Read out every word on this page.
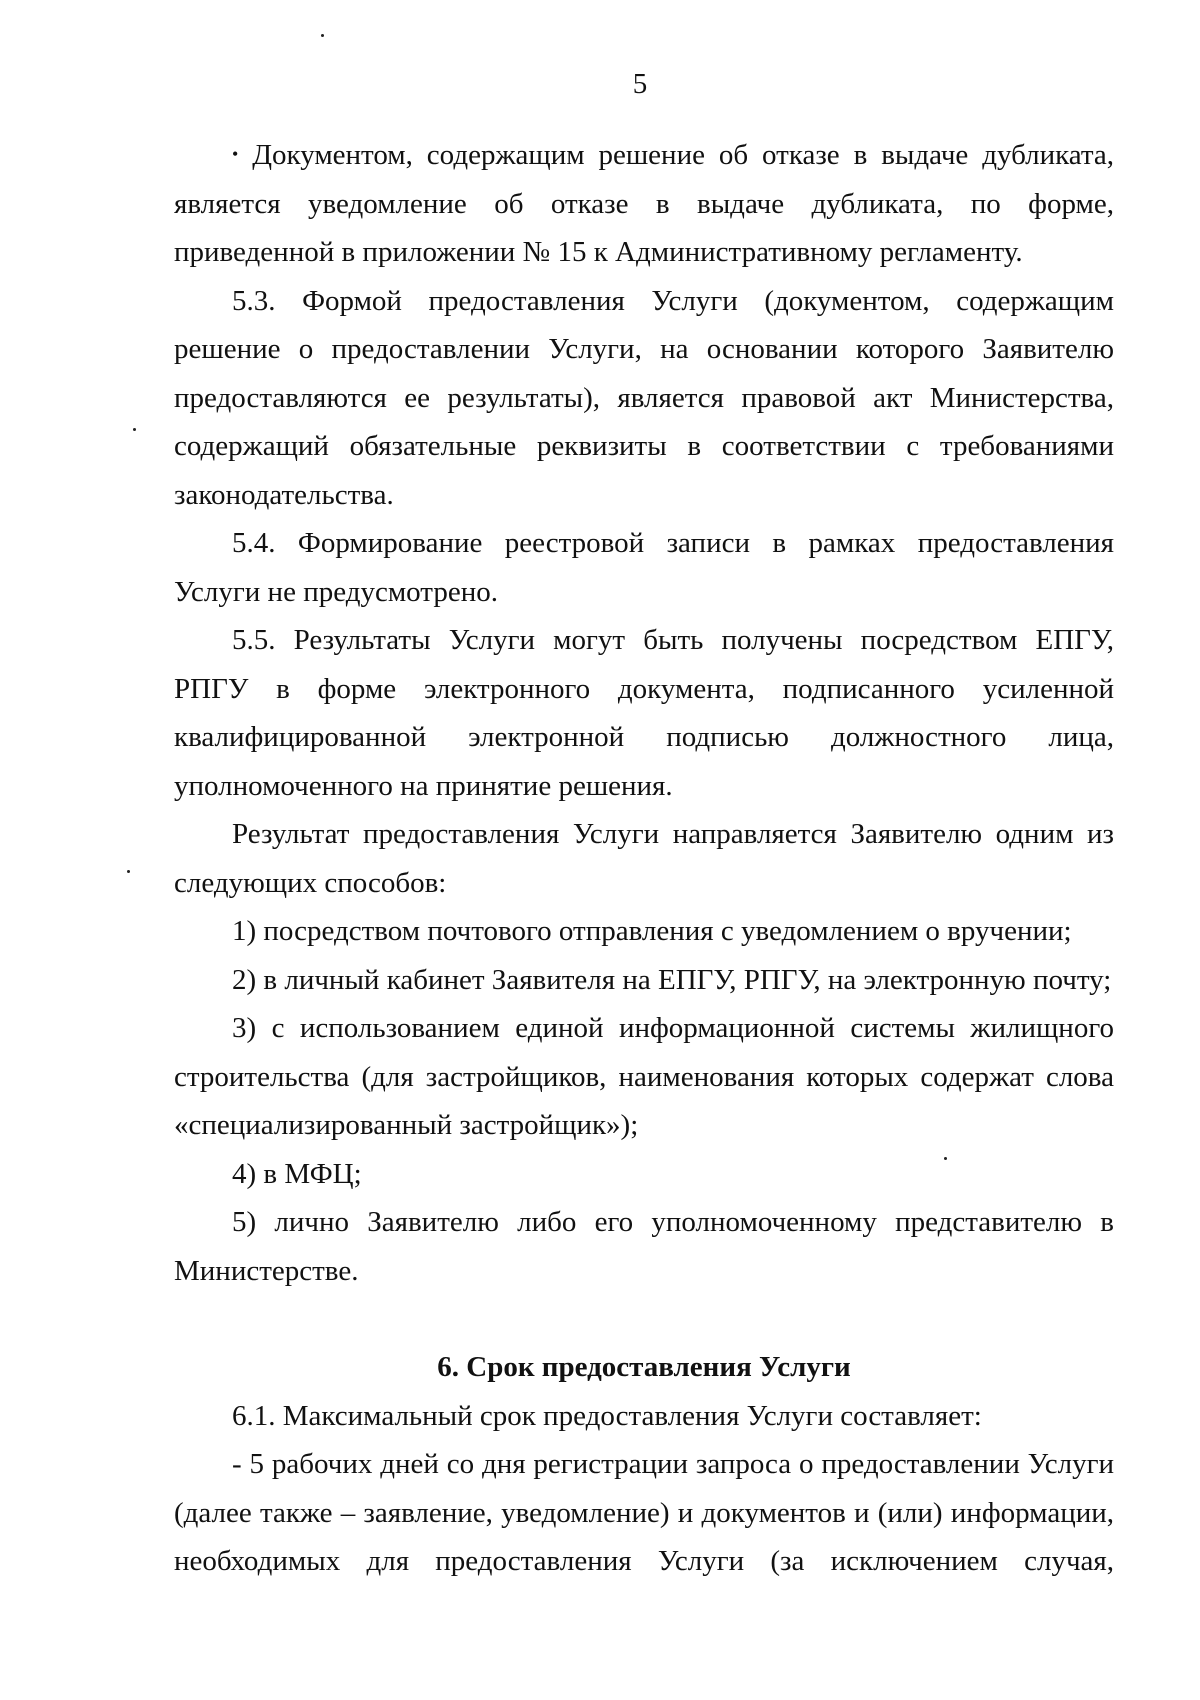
5

• Документом, содержащим решение об отказе в выдаче дубликата, является уведомление об отказе в выдаче дубликата, по форме, приведенной в приложении № 15 к Административному регламенту.

5.3. Формой предоставления Услуги (документом, содержащим решение о предоставлении Услуги, на основании которого Заявителю предоставляются ее результаты), является правовой акт Министерства, содержащий обязательные реквизиты в соответствии с требованиями законодательства.

5.4. Формирование реестровой записи в рамках предоставления Услуги не предусмотрено.

5.5. Результаты Услуги могут быть получены посредством ЕПГУ, РПГУ в форме электронного документа, подписанного усиленной квалифицированной электронной подписью должностного лица, уполномоченного на принятие решения.

Результат предоставления Услуги направляется Заявителю одним из следующих способов:

1) посредством почтового отправления с уведомлением о вручении;

2) в личный кабинет Заявителя на ЕПГУ, РПГУ, на электронную почту;

3) с использованием единой информационной системы жилищного строительства (для застройщиков, наименования которых содержат слова «специализированный застройщик»);

4) в МФЦ;

5) лично Заявителю либо его уполномоченному представителю в Министерстве.

6. Срок предоставления Услуги

6.1. Максимальный срок предоставления Услуги составляет:

- 5 рабочих дней со дня регистрации запроса о предоставлении Услуги (далее также – заявление, уведомление) и документов и (или) информации, необходимых для предоставления Услуги (за исключением случая,
